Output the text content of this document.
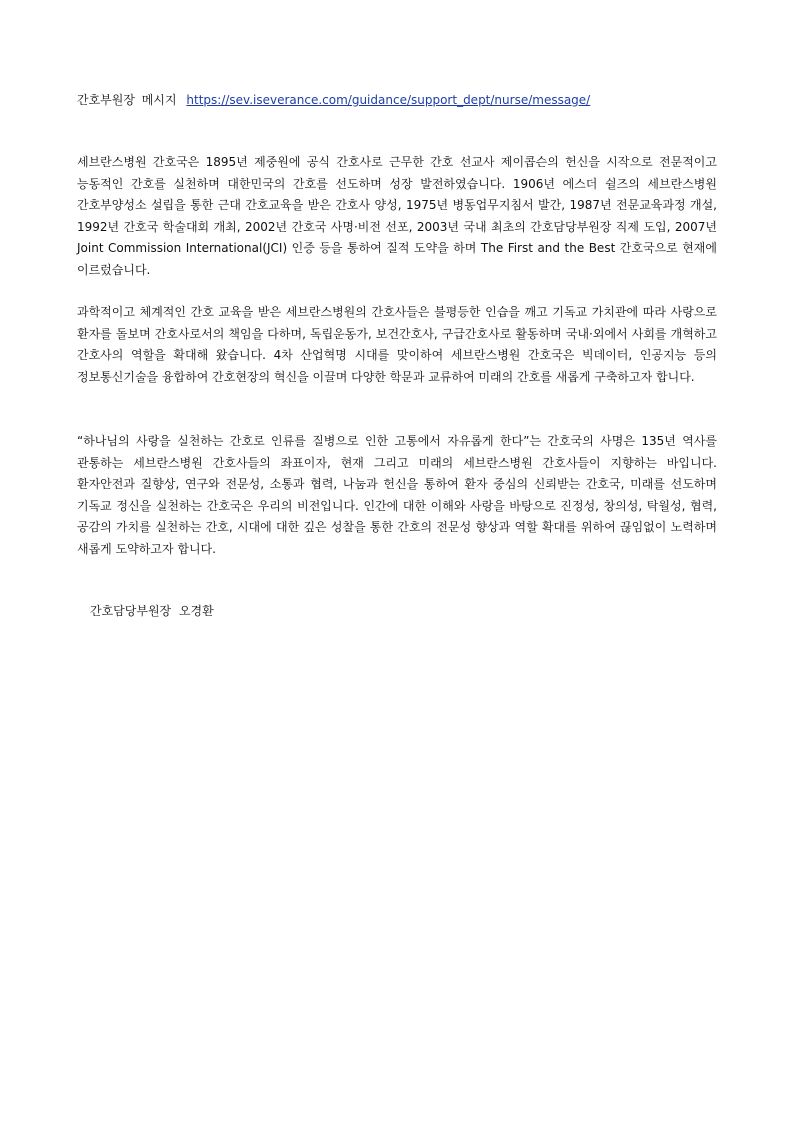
간호부원장 메시지 https://sev.iseverance.com/guidance/support_dept/nurse/message/

세브란스병원 간호국은 1895년 제중원에 공식 간호사로 근무한 간호 선교사 제이콥슨의 헌신을 시작으로 전문적이고 능동적인 간호를 실천하며 대한민국의 간호를 선도하며 성장 발전하였습니다. 1906년 에스더 쉴즈의 세브란스병원 간호부양성소 설립을 통한 근대 간호교육을 받은 간호사 양성, 1975년 병동업무지침서 발간, 1987년 전문교육과정 개설, 1992년 간호국 학술대회 개최, 2002년 간호국 사명·비전 선포, 2003년 국내 최초의 간호담당부원장 직제 도입, 2007년 Joint Commission International(JCI) 인증 등을 통하여 질적 도약을 하며 The First and the Best 간호국으로 현재에 이르렀습니다.

과학적이고 체계적인 간호 교육을 받은 세브란스병원의 간호사들은 불평등한 인습을 깨고 기독교 가치관에 따라 사랑으로 환자를 돌보며 간호사로서의 책임을 다하며, 독립운동가, 보건간호사, 구급간호사로 활동하며 국내·외에서 사회를 개혁하고 간호사의 역할을 확대해 왔습니다. 4차 산업혁명 시대를 맞이하여 세브란스병원 간호국은 빅데이터, 인공지능 등의 정보통신기술을 융합하여 간호현장의 혁신을 이끌며 다양한 학문과 교류하여 미래의 간호를 새롭게 구축하고자 합니다.

“하나님의 사랑을 실천하는 간호로 인류를 질병으로 인한 고통에서 자유롭게 한다”는 간호국의 사명은 135년 역사를 관통하는 세브란스병원 간호사들의 좌표이자, 현재 그리고 미래의 세브란스병원 간호사들이 지향하는 바입니다. 환자안전과 질향상, 연구와 전문성, 소통과 협력, 나눔과 헌신을 통하여 환자 중심의 신뢰받는 간호국, 미래를 선도하며 기독교 정신을 실천하는 간호국은 우리의 비전입니다. 인간에 대한 이해와 사랑을 바탕으로 진정성, 창의성, 탁월성, 협력, 공감의 가치를 실천하는 간호, 시대에 대한 깊은 성찰을 통한 간호의 전문성 향상과 역할 확대를 위하여 끊임없이 노력하며 새롭게 도약하고자 합니다.

간호담당부원장 오경환
